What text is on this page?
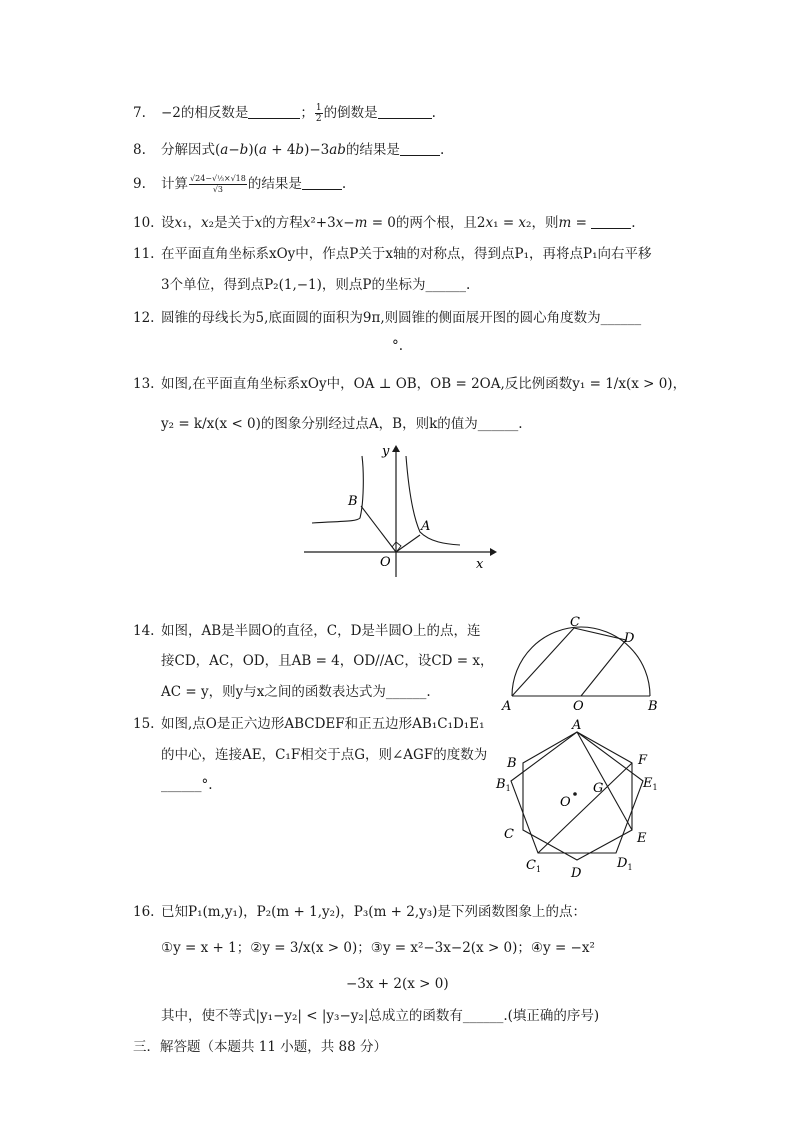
7. −2的相反数是	； $\frac{1}{2}$ 的倒数是	.
8. 分解因式(a−b)(a + 4b)−3ab的结果是	.
9. 计算 $\frac{\text{√24−√⅓×√18}}{√3}$ 的结果是	.
10. 设x₁，x₂是关于x的方程x²+3x−m = 0的两个根，且2x₁ = x₂，则m =	.
11. 在平面直角坐标系xOy中，作点P关于x轴的对称点，得到点P₁，再将点P₁向右平移
3个单位，得到点P₂(1,−1)，则点P的坐标为______.
12. 圆锥的母线长为5,底面圆的面积为9π,则圆锥的侧面展开图的圆心角度数为______
°.
13. 如图,在平面直角坐标系xOy中，OA ⊥ OB，OB = 2OA,反比例函数y₁ = 1/x(x > 0)，
y₂ = k/x(x < 0)的图象分别经过点A，B，则k的值为______.
y
x
O
A
B
14. 如图，AB是半圆O的直径，C，D是半圆O上的点，连
接CD，AC，OD，且AB = 4，OD//AC，设CD = x，
AC = y，则y与x之间的函数表达式为______.
A	B
C
D
O
15. 如图,点O是正六边形ABCDEF和正五边形AB₁C₁D₁E₁
的中心，连接AE，C₁F相交于点G，则∠AGF的度数为
______°.
A
B
$B_1$
C
$C_1$ D
$D_1$
E
$E_1$
F
G
O
16. 已知P₁(m,y₁)，P₂(m + 1,y₂)，P₃(m + 2,y₃)是下列函数图象上的点：
①y = x + 1；②y = 3/x(x > 0)；③y = x²−3x−2(x > 0)；④y = −x²
−3x + 2(x > 0)
其中，使不等式|y₁−y₂| < |y₃−y₂|总成立的函数有______.(填正确的序号)
三．解答题（本题共 11 小题，共 88 分）
